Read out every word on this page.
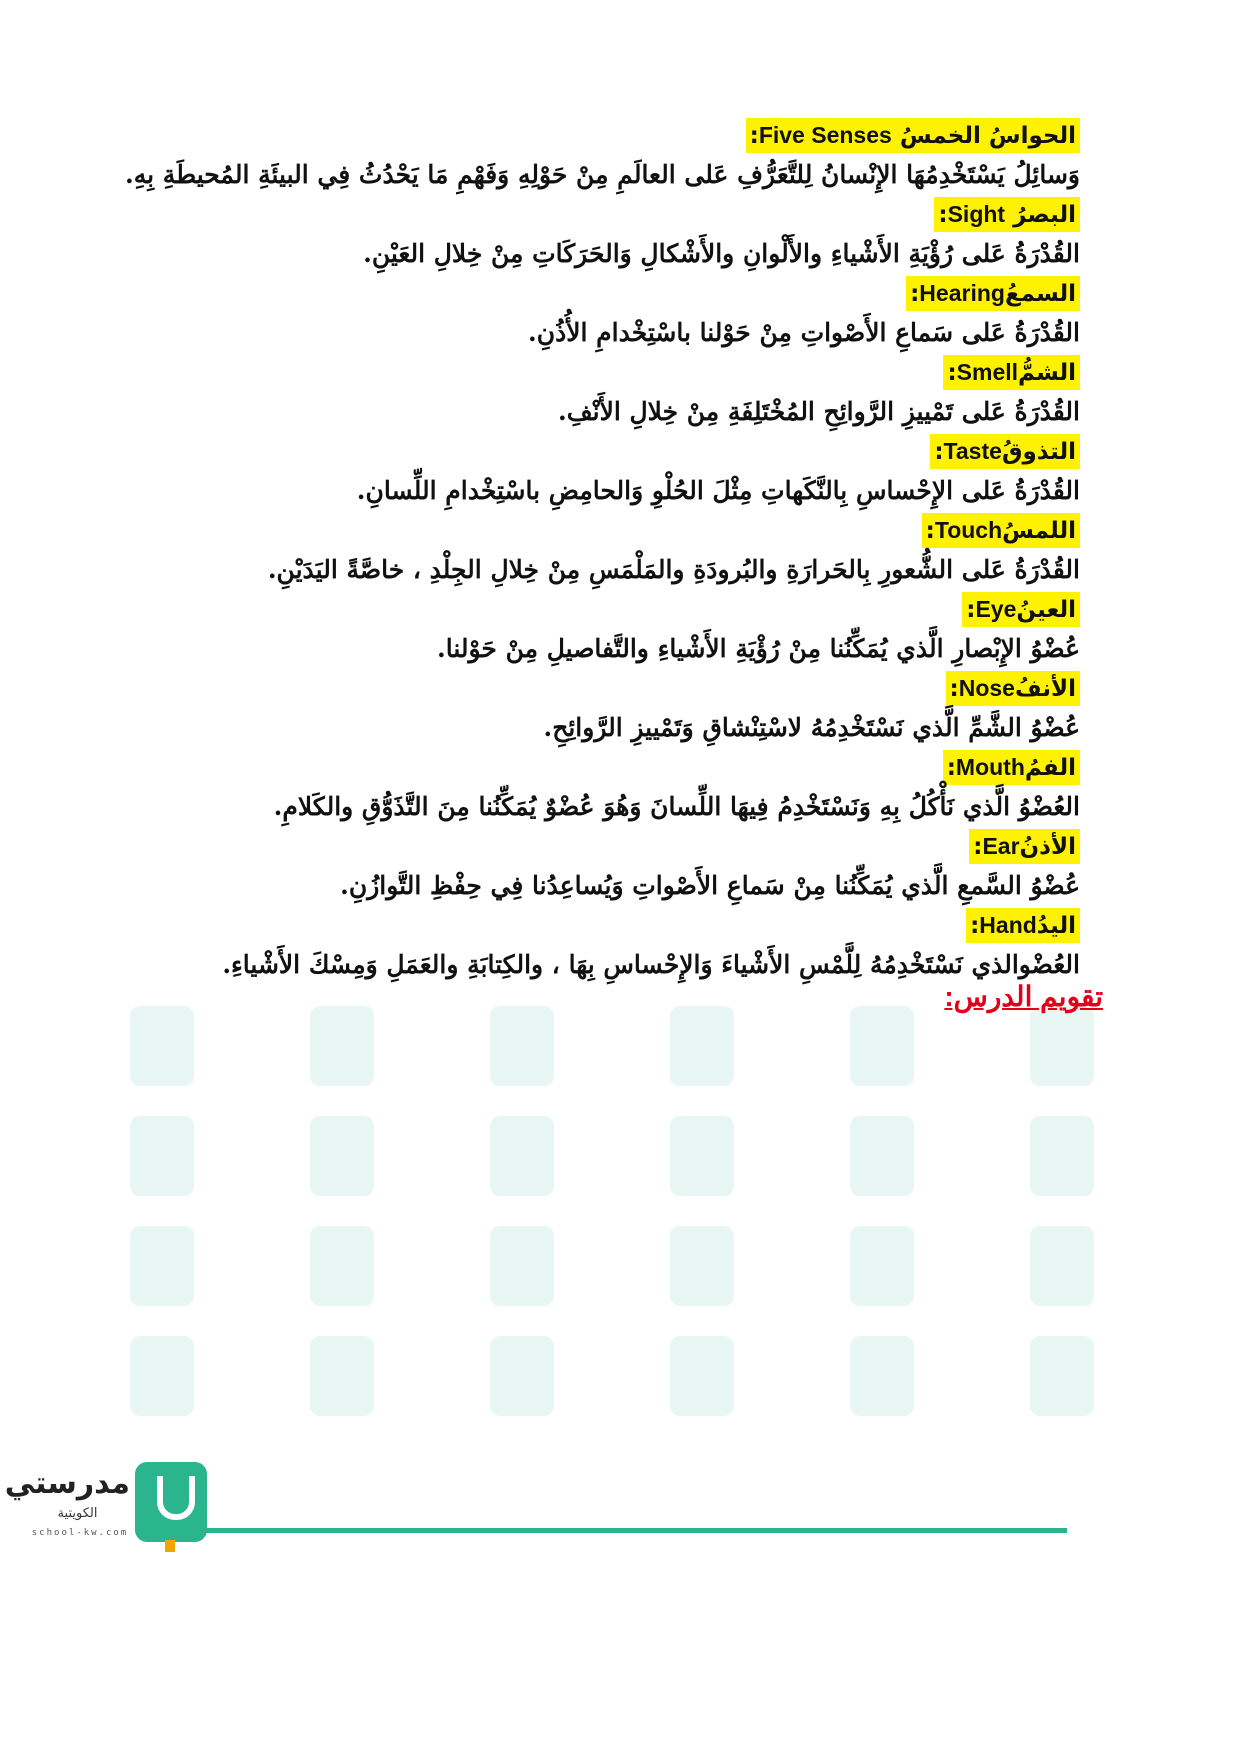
الحواسُ الخمسُ Five Senses:
وَسائِلُ يَسْتَخْدِمُهَا الإِنْسانُ لِلتَّعَرُّفِ عَلى العالَمِ مِنْ حَوْلِهِ وَفَهْمِ مَا يَحْدُثُ فِي البيئَةِ المُحيطَةِ بِهِ.
البصرُ Sight:
القُدْرَةُ عَلى رُؤْيَةِ الأَشْياءِ والأَلْوانِ والأَشْكالِ وَالحَرَكَاتِ مِنْ خِلالِ العَيْنِ.
السمعُHearing:
القُدْرَةُ عَلى سَماعِ الأَصْواتِ مِنْ حَوْلنا باسْتِخْدامِ الأُذُنِ.
الشمُّSmell:
القُدْرَةُ عَلى تَمْييزِ الرَّوائِحِ المُخْتَلِفَةِ مِنْ خِلالِ الأَنْفِ.
التذوقُTaste:
القُدْرَةُ عَلى الإِحْساسِ بِالنَّكَهاتِ مِثْلَ الحُلْوِ وَالحامِضِ باسْتِخْدامِ اللِّسانِ.
اللمسُTouch:
القُدْرَةُ عَلى الشُّعورِ بِالحَرارَةِ والبُرودَةِ والمَلْمَسِ مِنْ خِلالِ الجِلْدِ ، خاصَّةً اليَدَيْنِ.
العينُEye:
عُضْوُ الإِبْصارِ الَّذي يُمَكِّنُنا مِنْ رُؤْيَةِ الأَشْياءِ والتَّفاصيلِ مِنْ حَوْلنا.
الأنفُNose:
عُضْوُ الشَّمِّ الَّذي نَسْتَخْدِمُهُ لاسْتِنْشاقِ وَتَمْييزِ الرَّوائِحِ.
الفمُMouth:
العُضْوُ الَّذي نَأْكُلُ بِهِ وَنَسْتَخْدِمُ فِيهَا اللِّسانَ وَهُوَ عُضْوٌ يُمَكِّنُنا مِنَ التَّذَوُّقِ والكَلامِ.
الأذنُEar:
عُضْوُ السَّمعِ الَّذي يُمَكِّنُنا مِنْ سَماعِ الأَصْواتِ وَيُساعِدُنا فِي حِفْظِ التَّوازُنِ.
اليدُHand:
العُضْوالذي نَسْتَخْدِمُهُ لِلَّمْسِ الأَشْياءَ وَالإِحْساسِ بِهَا ، والكِتابَةِ والعَمَلِ وَمِسْكَ الأَشْياءِ.
تقويم الدرس:
مدرستي
الكويتية
school-kw.com
